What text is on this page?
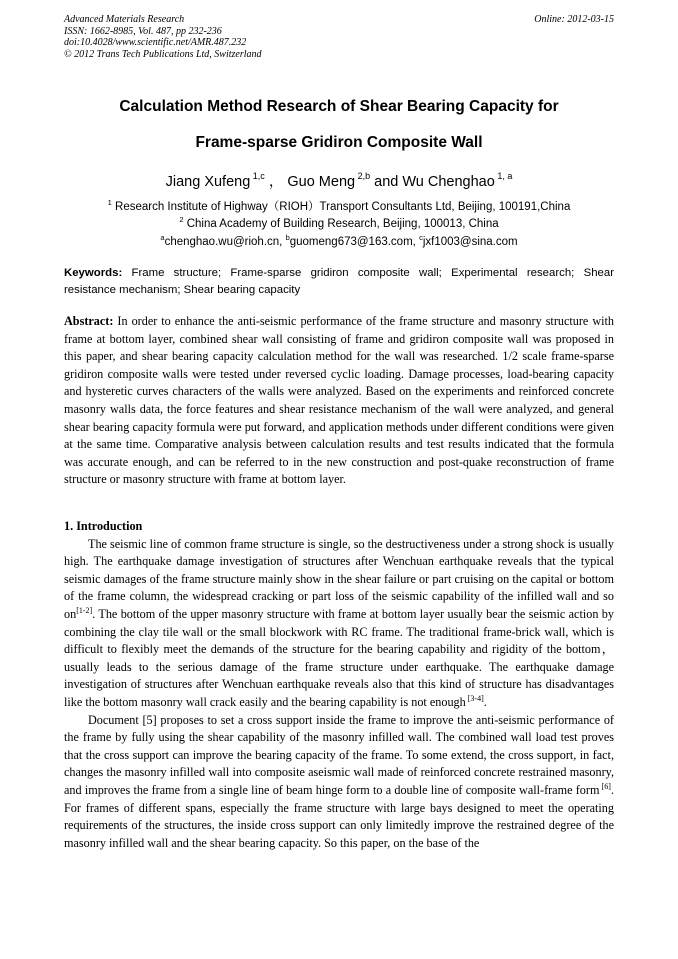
Advanced Materials Research
ISSN: 1662-8985, Vol. 487, pp 232-236
doi:10.4028/www.scientific.net/AMR.487.232
© 2012 Trans Tech Publications Ltd, Switzerland
Online: 2012-03-15
Calculation Method Research of Shear Bearing Capacity for
Frame-sparse Gridiron Composite Wall
Jiang Xufeng $^{1,c}$ ， Guo Meng $^{2,b}$ and Wu Chenghao $^{1, a}$
$^1$ Research Institute of Highway（RIOH）Transport Consultants Ltd, Beijing, 100191,China
$^2$ China Academy of Building Research, Beijing, 100013, China
$^a$chenghao.wu@rioh.cn, $^b$guomeng673@163.com, $^c$jxf1003@sina.com
Keywords: Frame structure; Frame-sparse gridiron composite wall; Experimental research; Shear resistance mechanism; Shear bearing capacity

Abstract: In order to enhance the anti-seismic performance of the frame structure and masonry structure with frame at bottom layer, combined shear wall consisting of frame and gridiron composite wall was proposed in this paper, and shear bearing capacity calculation method for the wall was researched. 1/2 scale frame-sparse gridiron composite walls were tested under reversed cyclic loading. Damage processes, load-bearing capacity and hysteretic curves characters of the walls were analyzed. Based on the experiments and reinforced concrete masonry walls data, the force features and shear resistance mechanism of the wall were analyzed, and general shear bearing capacity formula were put forward, and application methods under different conditions were given at the same time. Comparative analysis between calculation results and test results indicated that the formula was accurate enough, and can be referred to in the new construction and post-quake reconstruction of frame structure or masonry structure with frame at bottom layer.

1. Introduction

The seismic line of common frame structure is single, so the destructiveness under a strong shock is usually high. The earthquake damage investigation of structures after Wenchuan earthquake reveals that the typical seismic damages of the frame structure mainly show in the shear failure or part cruising on the capital or bottom of the frame column, the widespread cracking or part loss of the seismic capability of the infilled wall and so on[1-2]. The bottom of the upper masonry structure with frame at bottom layer usually bear the seismic action by combining the clay tile wall or the small blockwork with RC frame. The traditional frame-brick wall, which is difficult to flexibly meet the demands of the structure for the bearing capability and rigidity of the bottom，usually leads to the serious damage of the frame structure under earthquake. The earthquake damage investigation of structures after Wenchuan earthquake reveals also that this kind of structure has disadvantages like the bottom masonry wall crack easily and the bearing capability is not enough [3-4].

Document [5] proposes to set a cross support inside the frame to improve the anti-seismic performance of the frame by fully using the shear capability of the masonry infilled wall. The combined wall load test proves that the cross support can improve the bearing capacity of the frame. To some extend, the cross support, in fact, changes the masonry infilled wall into composite aseismic wall made of reinforced concrete restrained masonry, and improves the frame from a single line of beam hinge form to a double line of composite wall-frame form [6]. For frames of different spans, especially the frame structure with large bays designed to meet the operating requirements of the structures, the inside cross support can only limitedly improve the restrained degree of the masonry infilled wall and the shear bearing capacity. So this paper, on the base of the
